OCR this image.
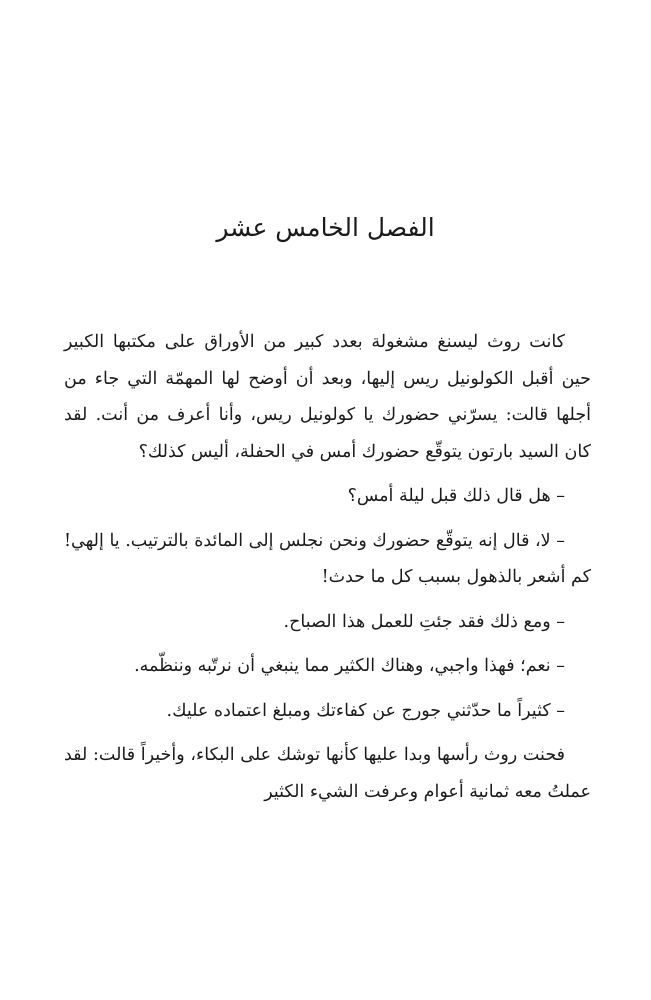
الفصل الخامس عشر

كانت روث ليسنغ مشغولة بعدد كبير من الأوراق على مكتبها الكبير حين أقبل الكولونيل ريس إليها، وبعد أن أوضح لها المهمّة التي جاء من أجلها قالت: يسرّني حضورك يا كولونيل ريس، وأنا أعرف من أنت. لقد كان السيد بارتون يتوقّع حضورك أمس في الحفلة، أليس كذلك؟

– هل قال ذلك قبل ليلة أمس؟

– لا، قال إنه يتوقّع حضورك ونحن نجلس إلى المائدة بالترتيب. يا إلهي! كم أشعر بالذهول بسبب كل ما حدث!

– ومع ذلك فقد جئتِ للعمل هذا الصباح.

– نعم؛ فهذا واجبي، وهناك الكثير مما ينبغي أن نرتّبه وننظّمه.

– كثيراً ما حدّثني جورج عن كفاءتك ومبلغ اعتماده عليك.

فحنت روث رأسها وبدا عليها كأنها توشك على البكاء، وأخيراً قالت: لقد عملتُ معه ثمانية أعوام وعرفت الشيء الكثير
